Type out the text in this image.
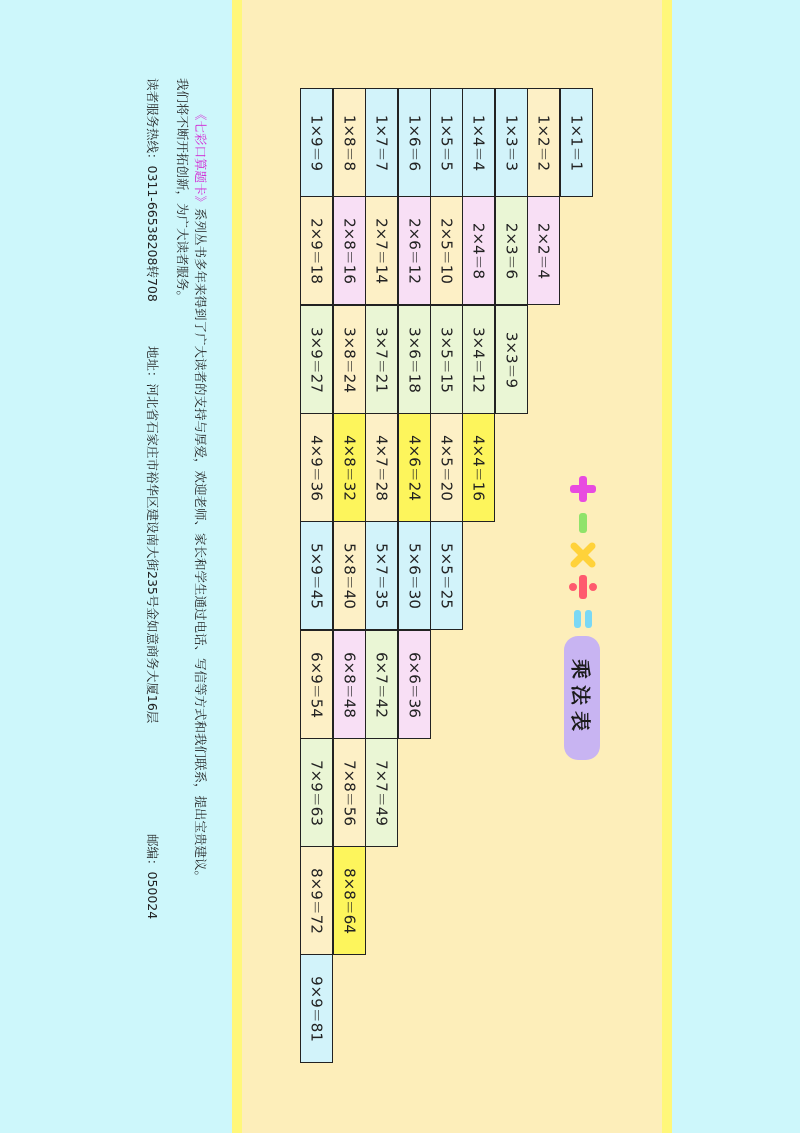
乘法表
1×1＝1
1×2＝2
2×2＝4
1×3＝3
2×3＝6
3×3＝9
1×4＝4
2×4＝8
3×4＝12
4×4＝16
1×5＝5
2×5＝10
3×5＝15
4×5＝20
5×5＝25
1×6＝6
2×6＝12
3×6＝18
4×6＝24
5×6＝30
6×6＝36
1×7＝7
2×7＝14
3×7＝21
4×7＝28
5×7＝35
6×7＝42
7×7＝49
1×8＝8
2×8＝16
3×8＝24
4×8＝32
5×8＝40
6×8＝48
7×8＝56
8×8＝64
1×9＝9
2×9＝18
3×9＝27
4×9＝36
5×9＝45
6×9＝54
7×9＝63
8×9＝72
9×9＝81
《七彩口算题卡》系列丛书多年来得到了广大读者的支持与厚爱，欢迎老师、家长和学生通过电话、写信等方式和我们联系，提出宝贵建议。
我们将不断开拓创新，为广大读者服务。
读者服务热线：0311-66538208转708
地址：河北省石家庄市裕华区建设南大街235号金如意商务大厦16层
邮编：050024
